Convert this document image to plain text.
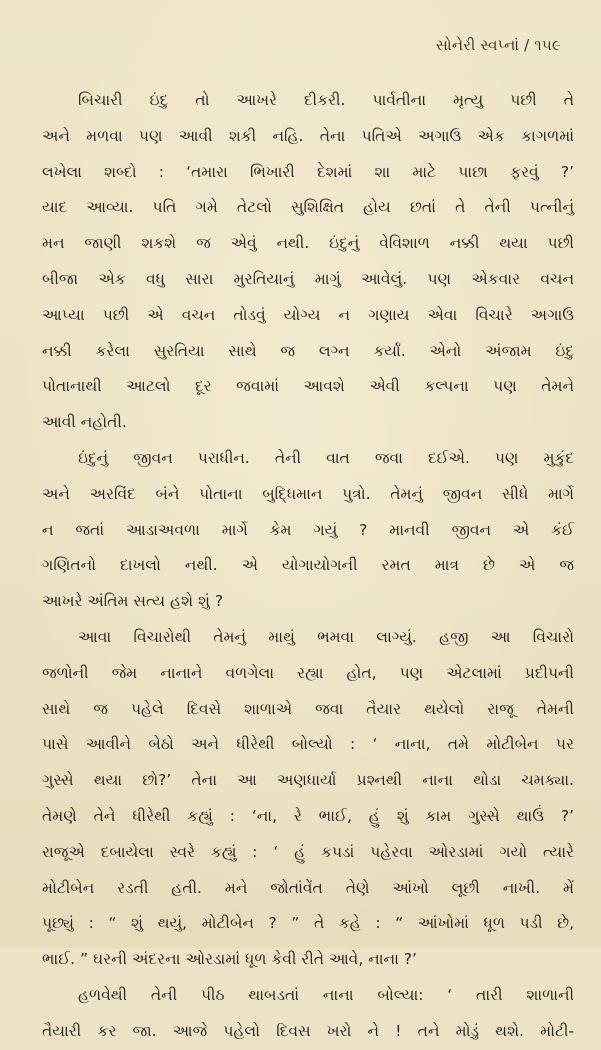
સોનેરી સ્વપ્નાં / ૧૫૯
બિચારી ઇંદુ તો આખરે દીકરી. પાર્વતીના મૃત્યુ પછી તે
અને મળવા પણ આવી શકી નહિ. તેના પતિએ અગાઉ એક કાગળમાં
લખેલા શબ્દો : ‘તમારા ભિખારી દેશમાં શા માટે પાછા ફરવું ?’
યાદ આવ્યા. પતિ ગમે તેટલો સુશિક્ષિત હોય છતાં તે તેની પત્નીનું
મન જાણી શકશે જ એવું નથી. ઇંદુનું વેવિશાળ નક્કી થયા પછી
બીજા એક વધુ સારા મુરતિયાનું માગું આવેલું. પણ એકવાર વચન
આપ્યા પછી એ વચન તોડવું યોગ્ય ન ગણાય એવા વિચારે અગાઉ
નક્કી કરેલા સુરતિયા સાથે જ લગ્ન કર્યાં. એનો અંજામ ઇંદુ
પોતાનાથી આટલો દૂર જવામાં આવશે એવી કલ્પના પણ તેમને
આવી નહોતી.
ઇંદુનું જીવન પરાધીન. તેની વાત જવા દઈએ. પણ મુકુંદ
અને અરવિંદ બંને પોતાના બુદ્ધિમાન પુત્રો. તેમનું જીવન સીધે માર્ગે
ન જતાં આડાઅવળા માર્ગે કેમ ગયું ? માનવી જીવન એ કંઈ
ગણિતનો દાખલો નથી. એ યોગાયોગની રમત માત્ર છે એ જ
આખરે અંતિમ સત્ય હશે શું ?
આવા વિચારોથી તેમનું માથું ભમવા લાગ્યું. હજી આ વિચારો
જળોની જેમ નાનાને વળગેલા રહ્યા હોત, પણ એટલામાં પ્રદીપની
સાથે જ પહેલે દિવસે શાળાએ જવા તૈયાર થયેલો રાજૂ તેમની
પાસે આવીને બેઠો અને ધીરેથી બોલ્યો : ‘ નાના, તમે મોટીબેન પર
ગુસ્સે થયા છો?’ તેના આ અણધાર્યા પ્રશ્નથી નાના થોડા ચમક્યા.
તેમણે તેને ધીરેથી કહ્યું : ‘ના, રે ભાઈ, હું શું કામ ગુસ્સે થાઉં ?’
રાજૂએ દબાયેલા સ્વરે કહ્યું : ‘ હું કપડાં પહેરવા ઓરડામાં ગયો ત્યારે
મોટીબેન રડતી હતી. મને જોતાંવેંત તેણે આંખો લૂછી નાખી. મેં
પૂછ્યું : “ શું થયું, મોટીબેન ? ” તે કહે : “ આંખોમાં ધૂળ પડી છે,
ભાઈ. ” ઘરની અંદરના ઓરડામાં ધૂળ કેવી રીતે આવે, નાના ?’
હળવેથી તેની પીઠ થાબડતાં નાના બોલ્યા: ‘ તારી શાળાની
તૈયારી કર જા. આજે પહેલો દિવસ ખરો ને ! તને મોડું થશે. મોટી-
